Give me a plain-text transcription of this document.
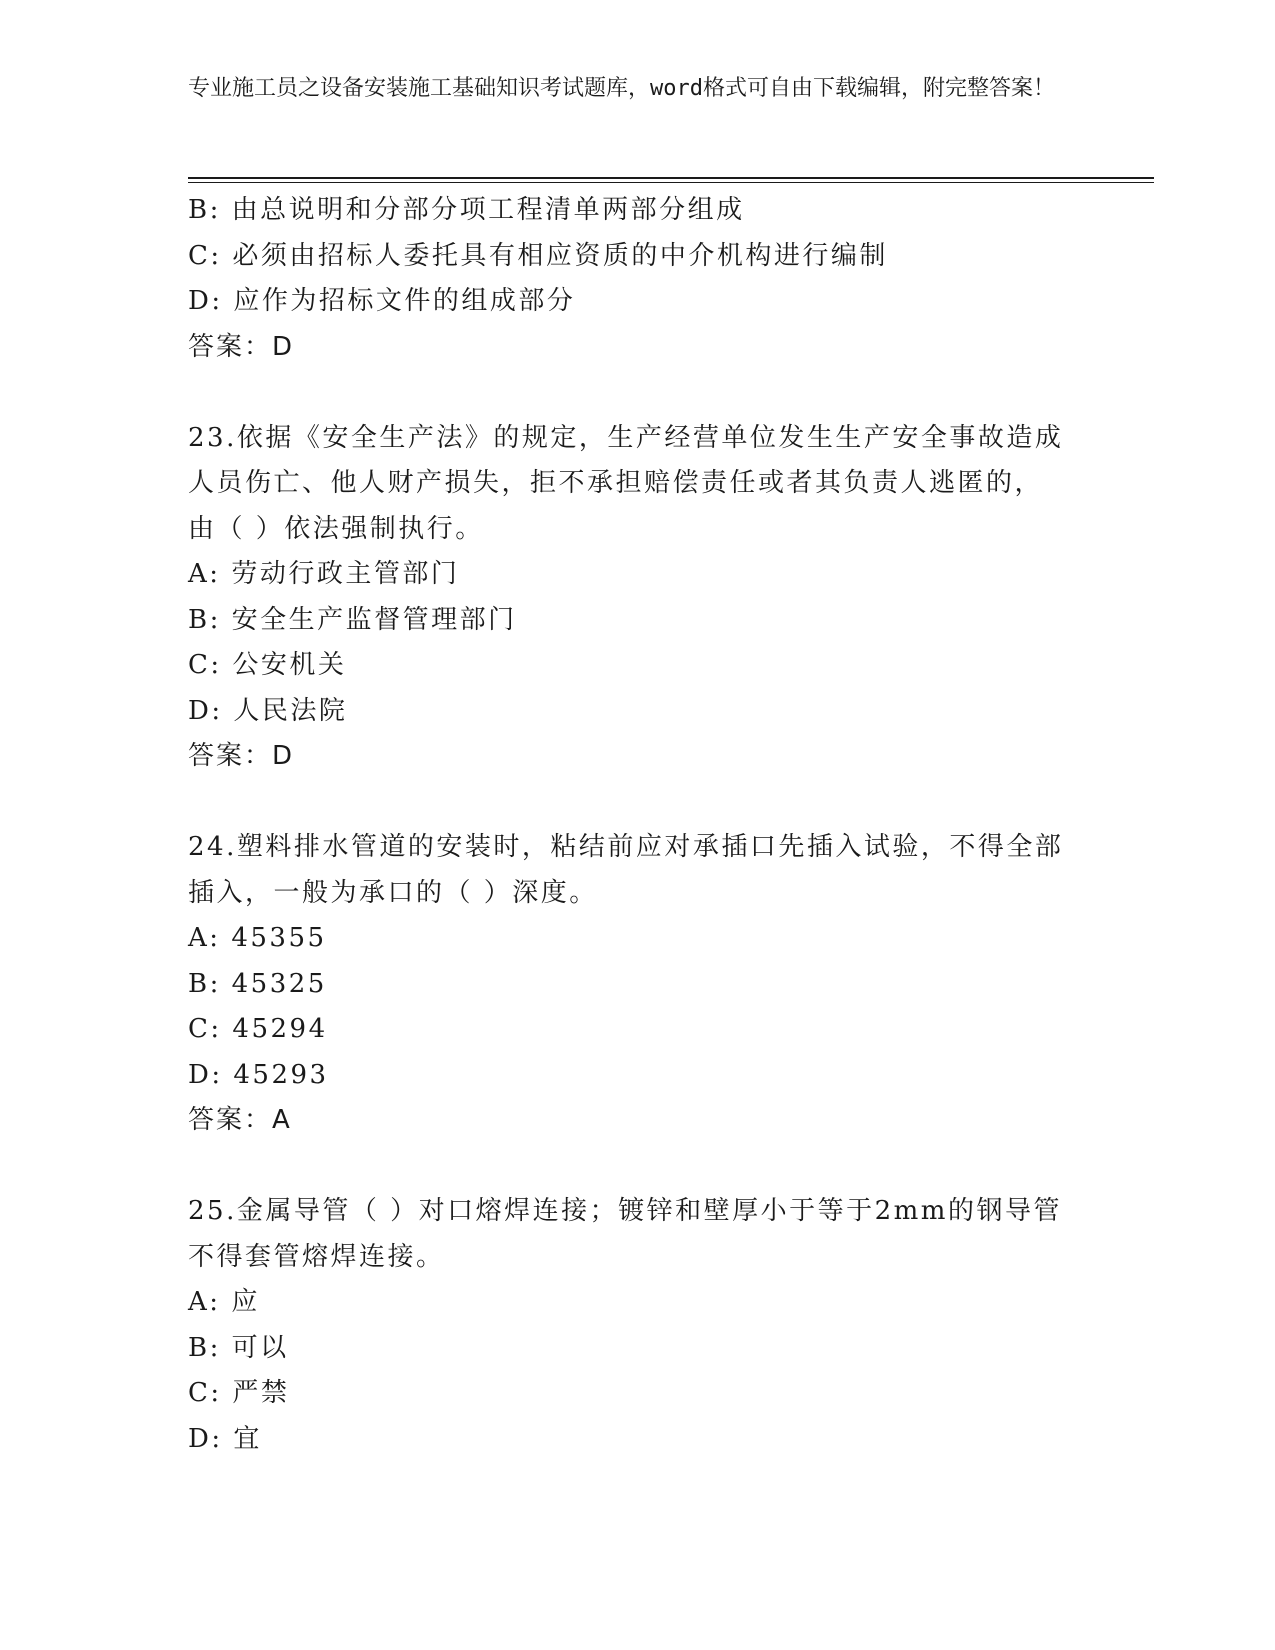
专业施工员之设备安装施工基础知识考试题库，word格式可自由下载编辑，附完整答案！
B: 由总说明和分部分项工程清单两部分组成
C: 必须由招标人委托具有相应资质的中介机构进行编制
D: 应作为招标文件的组成部分
答案：D
23.依据《安全生产法》的规定，生产经营单位发生生产安全事故造成
人员伤亡、他人财产损失，拒不承担赔偿责任或者其负责人逃匿的，
由（ ）依法强制执行。
A: 劳动行政主管部门
B: 安全生产监督管理部门
C: 公安机关
D: 人民法院
答案：D
24.塑料排水管道的安装时，粘结前应对承插口先插入试验，不得全部
插入，一般为承口的（ ）深度。
A: 45355
B: 45325
C: 45294
D: 45293
答案：A
25.金属导管（ ）对口熔焊连接；镀锌和壁厚小于等于2mm的钢导管
不得套管熔焊连接。
A: 应
B: 可以
C: 严禁
D: 宜
